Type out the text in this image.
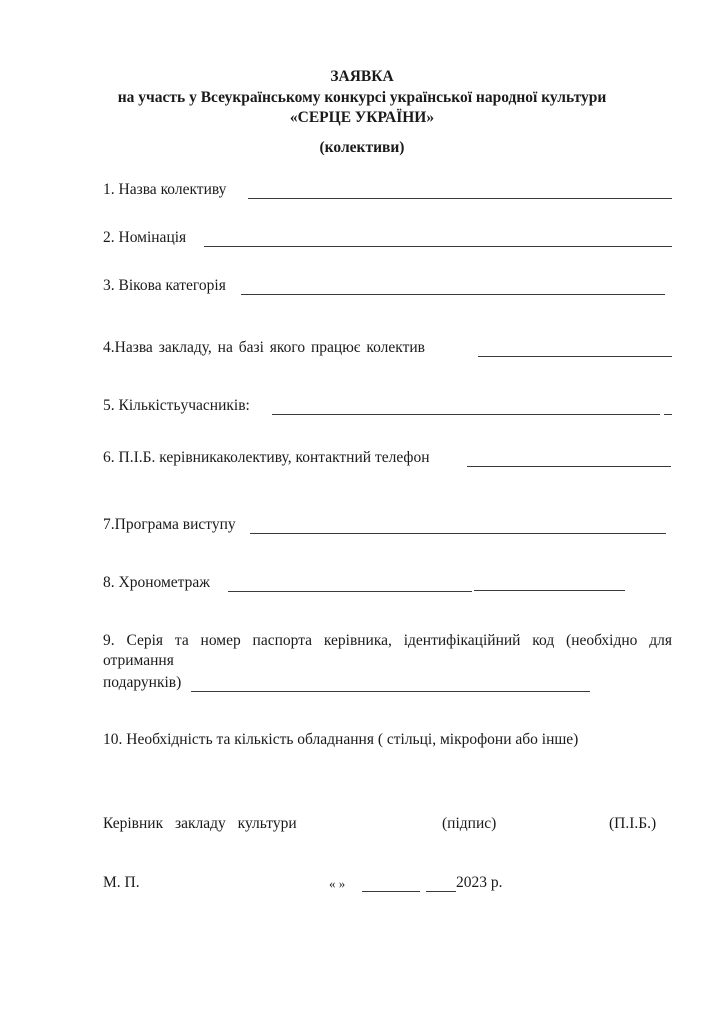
ЗАЯВКА
на участь у Всеукраїнському конкурсі української народної культури
«СЕРЦЕ УКРАЇНИ»
(колективи)
1. Назва колективу
2. Номінація
3. Вікова категорія
4.Назва закладу, на базі якого працює колектив
5. Кількістьучасників:
6. П.І.Б. керівникаколективу, контактний телефон
7.Програма виступу
8. Хронометраж
9. Серія та номер паспорта керівника, ідентифікаційний код (необхідно для
отримання
подарунків)
10. Необхідність та кількість обладнання ( стільці, мікрофони або інше)
Керівник закладу культури	(підпис)	(П.І.Б.)
М. П.	« »	2023 р.
